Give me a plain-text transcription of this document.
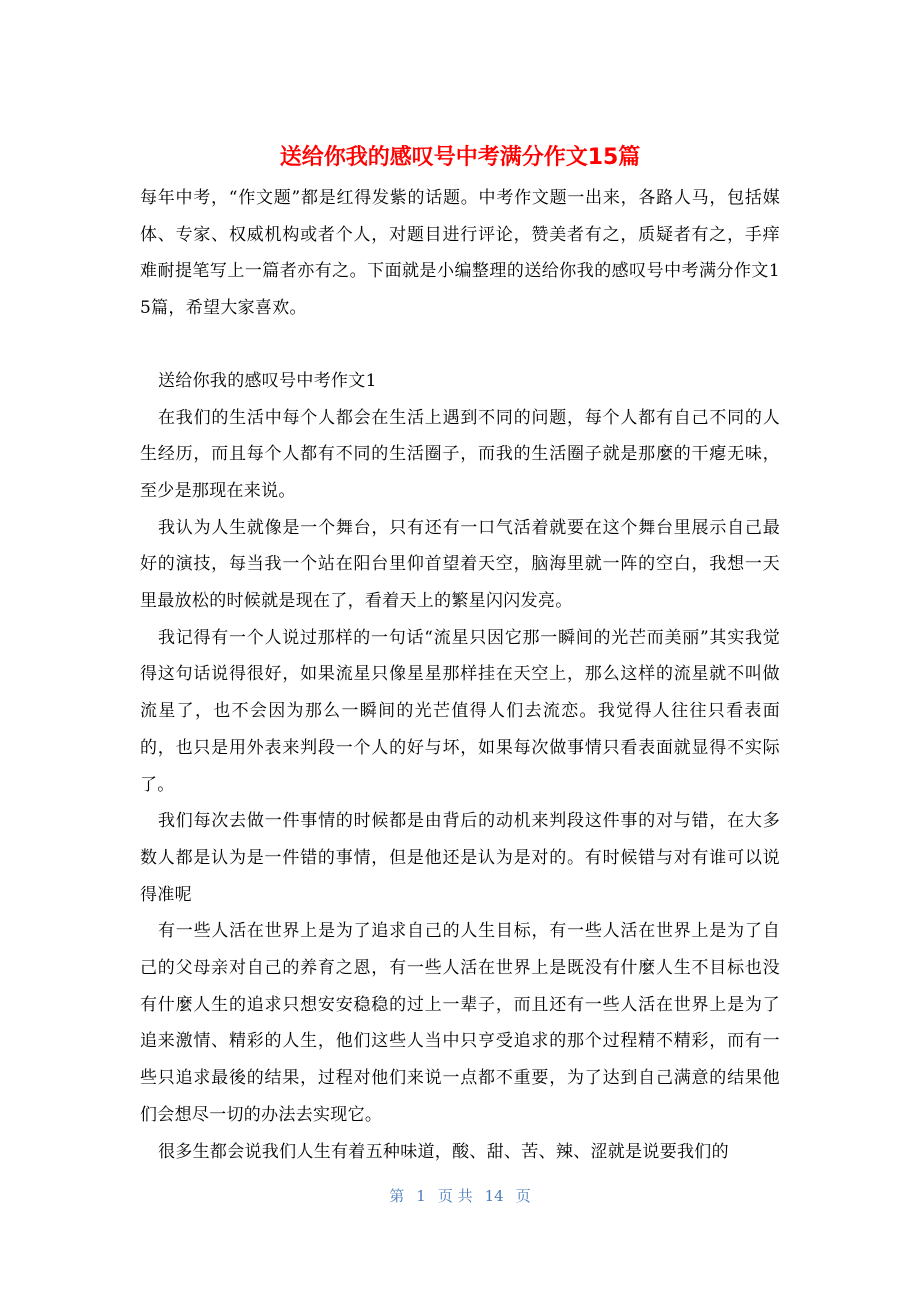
送给你我的感叹号中考满分作文15篇

每年中考，“作文题”都是红得发紫的话题。中考作文题一出来，各路人马，包括媒体、专家、权威机构或者个人，对题目进行评论，赞美者有之，质疑者有之，手痒难耐提笔写上一篇者亦有之。下面就是小编整理的送给你我的感叹号中考满分作文15篇，希望大家喜欢。

送给你我的感叹号中考作文1

在我们的生活中每个人都会在生活上遇到不同的问题，每个人都有自己不同的人生经历，而且每个人都有不同的生活圈子，而我的生活圈子就是那麼的干瘪无味，至少是那现在来说。

我认为人生就像是一个舞台，只有还有一口气活着就要在这个舞台里展示自己最好的演技，每当我一个站在阳台里仰首望着天空，脑海里就一阵的空白，我想一天里最放松的时候就是现在了，看着天上的繁星闪闪发亮。

我记得有一个人说过那样的一句话“流星只因它那一瞬间的光芒而美丽”其实我觉得这句话说得很好，如果流星只像星星那样挂在天空上，那么这样的流星就不叫做流星了，也不会因为那么一瞬间的光芒值得人们去流恋。我觉得人往往只看表面的，也只是用外表来判段一个人的好与坏，如果每次做事情只看表面就显得不实际了。

我们每次去做一件事情的时候都是由背后的动机来判段这件事的对与错，在大多数人都是认为是一件错的事情，但是他还是认为是对的。有时候错与对有谁可以说得准呢

有一些人活在世界上是为了追求自己的人生目标，有一些人活在世界上是为了自己的父母亲对自己的养育之恩，有一些人活在世界上是既没有什麼人生不目标也没有什麼人生的追求只想安安稳稳的过上一辈子，而且还有一些人活在世界上是为了追来激情、精彩的人生，他们这些人当中只亨受追求的那个过程精不精彩，而有一些只追求最後的结果，过程对他们来说一点都不重要，为了达到自己满意的结果他们会想尽一切的办法去实现它。

很多生都会说我们人生有着五种味道，酸、甜、苦、辣、涩就是说要我们的

第 1 页 共 14 页
